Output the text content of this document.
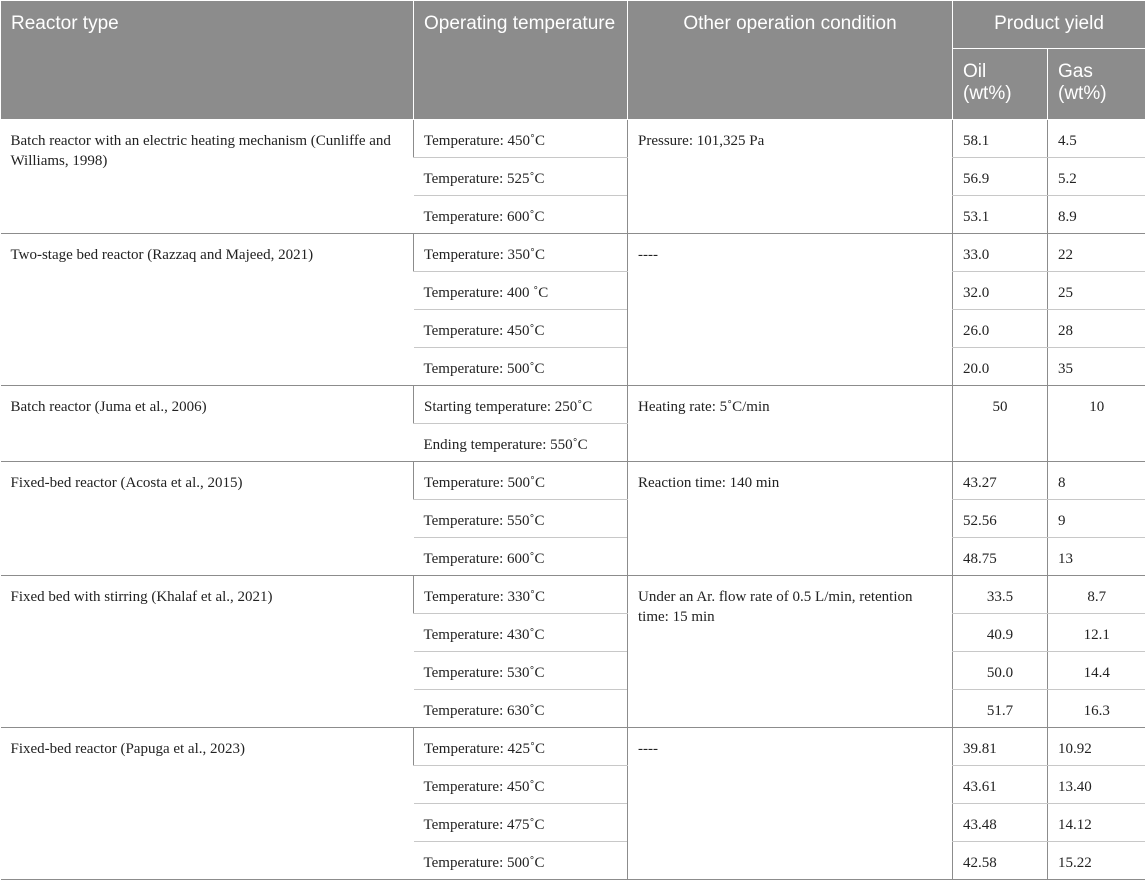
Reactor type	Operating temperature	Other operation condition	Product yield	
			Oil (wt%)	Gas (wt%)
Batch reactor with an electric heating mechanism (Cunliffe and Williams, 1998)	Temperature: 450˚C	Pressure: 101,325 Pa	58.1	4.5
	Temperature: 525˚C		56.9	5.2
	Temperature: 600˚C		53.1	8.9
Two-stage bed reactor (Razzaq and Majeed, 2021)	Temperature: 350˚C	----	33.0	22
	Temperature: 400 ˚C		32.0	25
	Temperature: 450˚C		26.0	28
	Temperature: 500˚C		20.0	35
Batch reactor (Juma et al., 2006)	Starting temperature: 250˚C	Heating rate: 5˚C/min	50	10
	Ending temperature: 550˚C			
Fixed-bed reactor (Acosta et al., 2015)	Temperature: 500˚C	Reaction time: 140 min	43.27	8
	Temperature: 550˚C		52.56	9
	Temperature: 600˚C		48.75	13
Fixed bed with stirring (Khalaf et al., 2021)	Temperature: 330˚C	Under an Ar. flow rate of 0.5 L/min, retention time: 15 min	33.5	8.7
	Temperature: 430˚C		40.9	12.1
	Temperature: 530˚C		50.0	14.4
	Temperature: 630˚C		51.7	16.3
Fixed-bed reactor (Papuga et al., 2023)	Temperature: 425˚C	----	39.81	10.92
	Temperature: 450˚C		43.61	13.40
	Temperature: 475˚C		43.48	14.12
	Temperature: 500˚C		42.58	15.22
